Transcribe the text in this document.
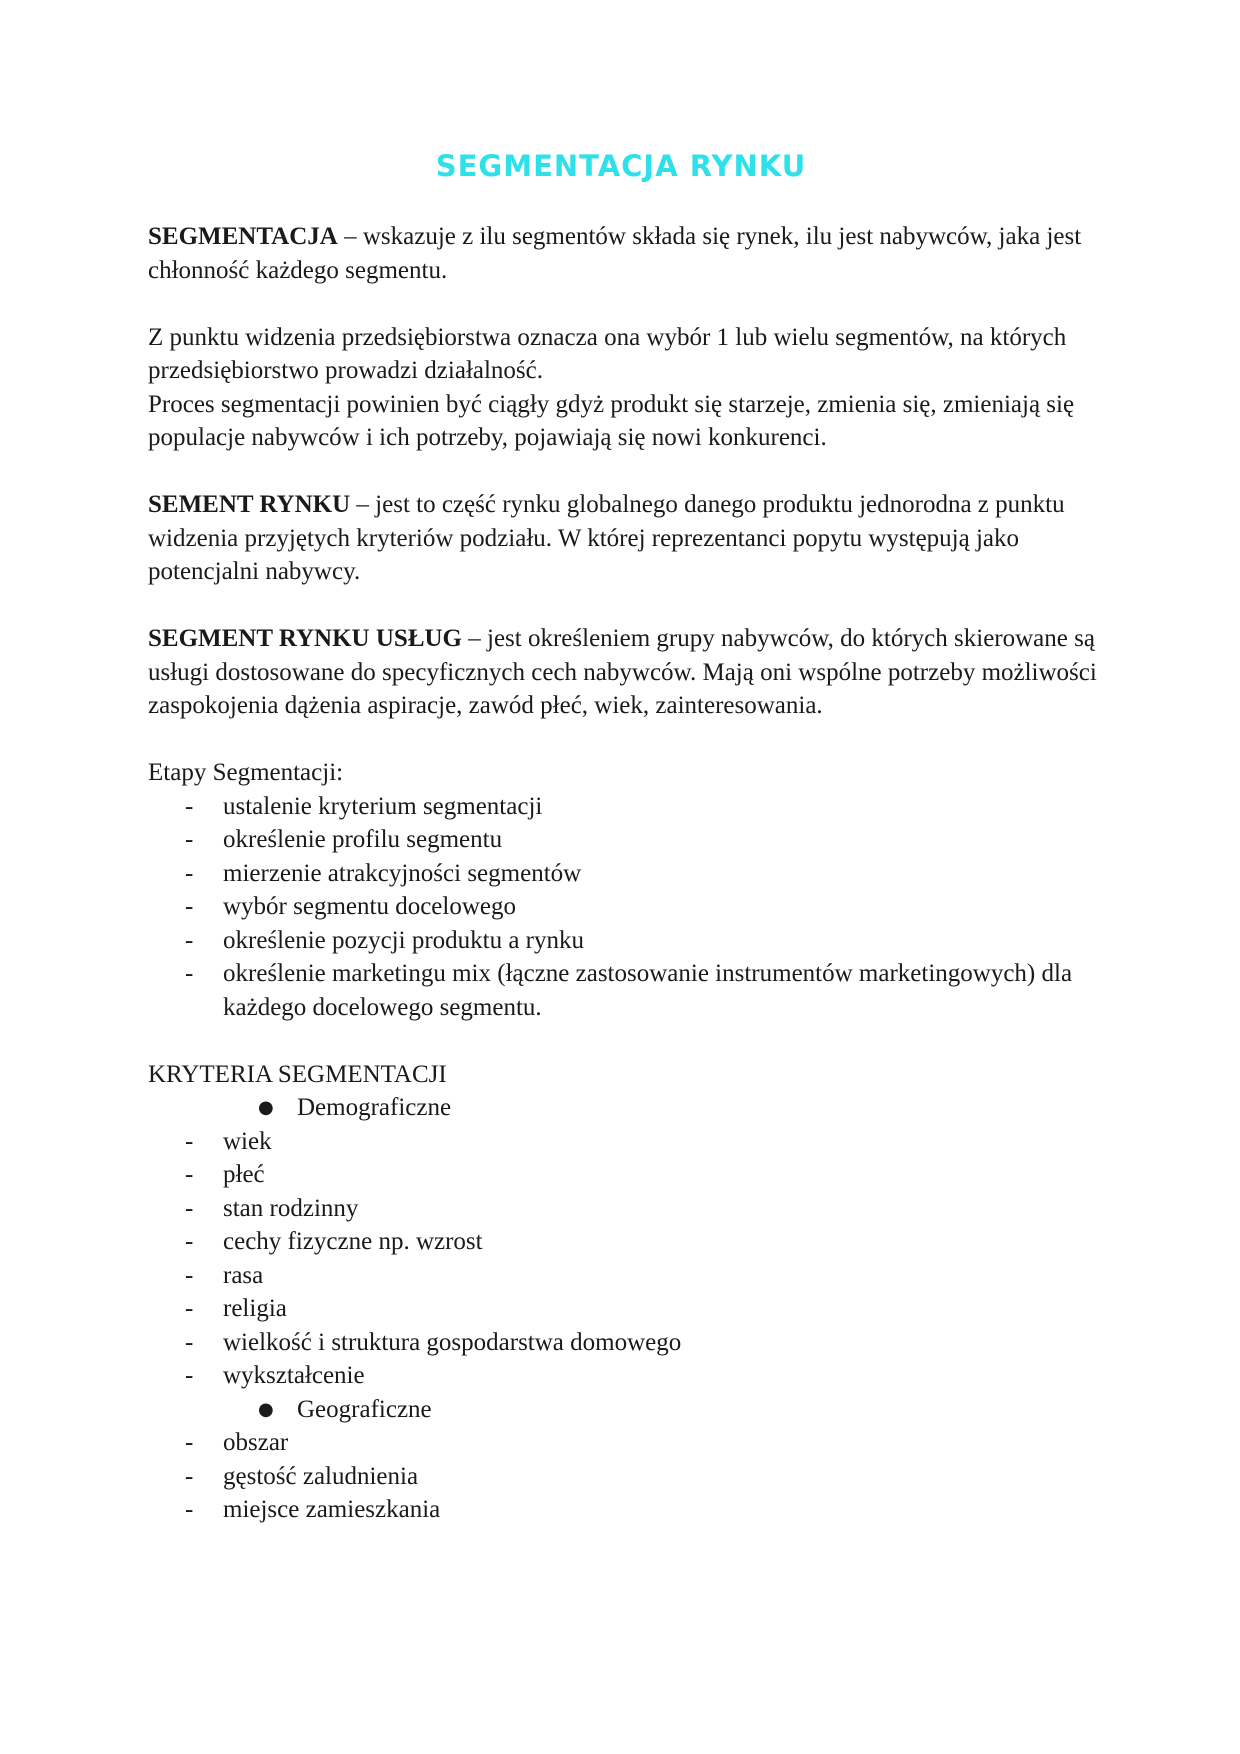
SEGMENTACJA RYNKU

SEGMENTACJA – wskazuje z ilu segmentów składa się rynek, ilu jest nabywców, jaka jest chłonność każdego segmentu.

Z punktu widzenia przedsiębiorstwa oznacza ona wybór 1 lub wielu segmentów, na których przedsiębiorstwo prowadzi działalność.

Proces segmentacji powinien być ciągły gdyż produkt się starzeje, zmienia się, zmieniają się populacje nabywców i ich potrzeby, pojawiają się nowi konkurenci.

SEMENT RYNKU – jest to część rynku globalnego danego produktu jednorodna z punktu widzenia przyjętych kryteriów podziału. W której reprezentanci popytu występują jako potencjalni nabywcy.

SEGMENT RYNKU USŁUG – jest określeniem grupy nabywców, do których skierowane są usługi dostosowane do specyficznych cech nabywców. Mają oni wspólne potrzeby możliwości zaspokojenia dążenia aspiracje, zawód płeć, wiek, zainteresowania.

Etapy Segmentacji:
- ustalenie kryterium segmentacji
- określenie profilu segmentu
- mierzenie atrakcyjności segmentów
- wybór segmentu docelowego
- określenie pozycji produktu a rynku
- określenie marketingu mix (łączne zastosowanie instrumentów marketingowych) dla każdego docelowego segmentu.
KRYTERIA SEGMENTACJI
● Demograficzne
- wiek
- płeć
- stan rodzinny
- cechy fizyczne np. wzrost
- rasa
- religia
- wielkość i struktura gospodarstwa domowego
- wykształcenie
● Geograficzne
- obszar
- gęstość zaludnienia
- miejsce zamieszkania
